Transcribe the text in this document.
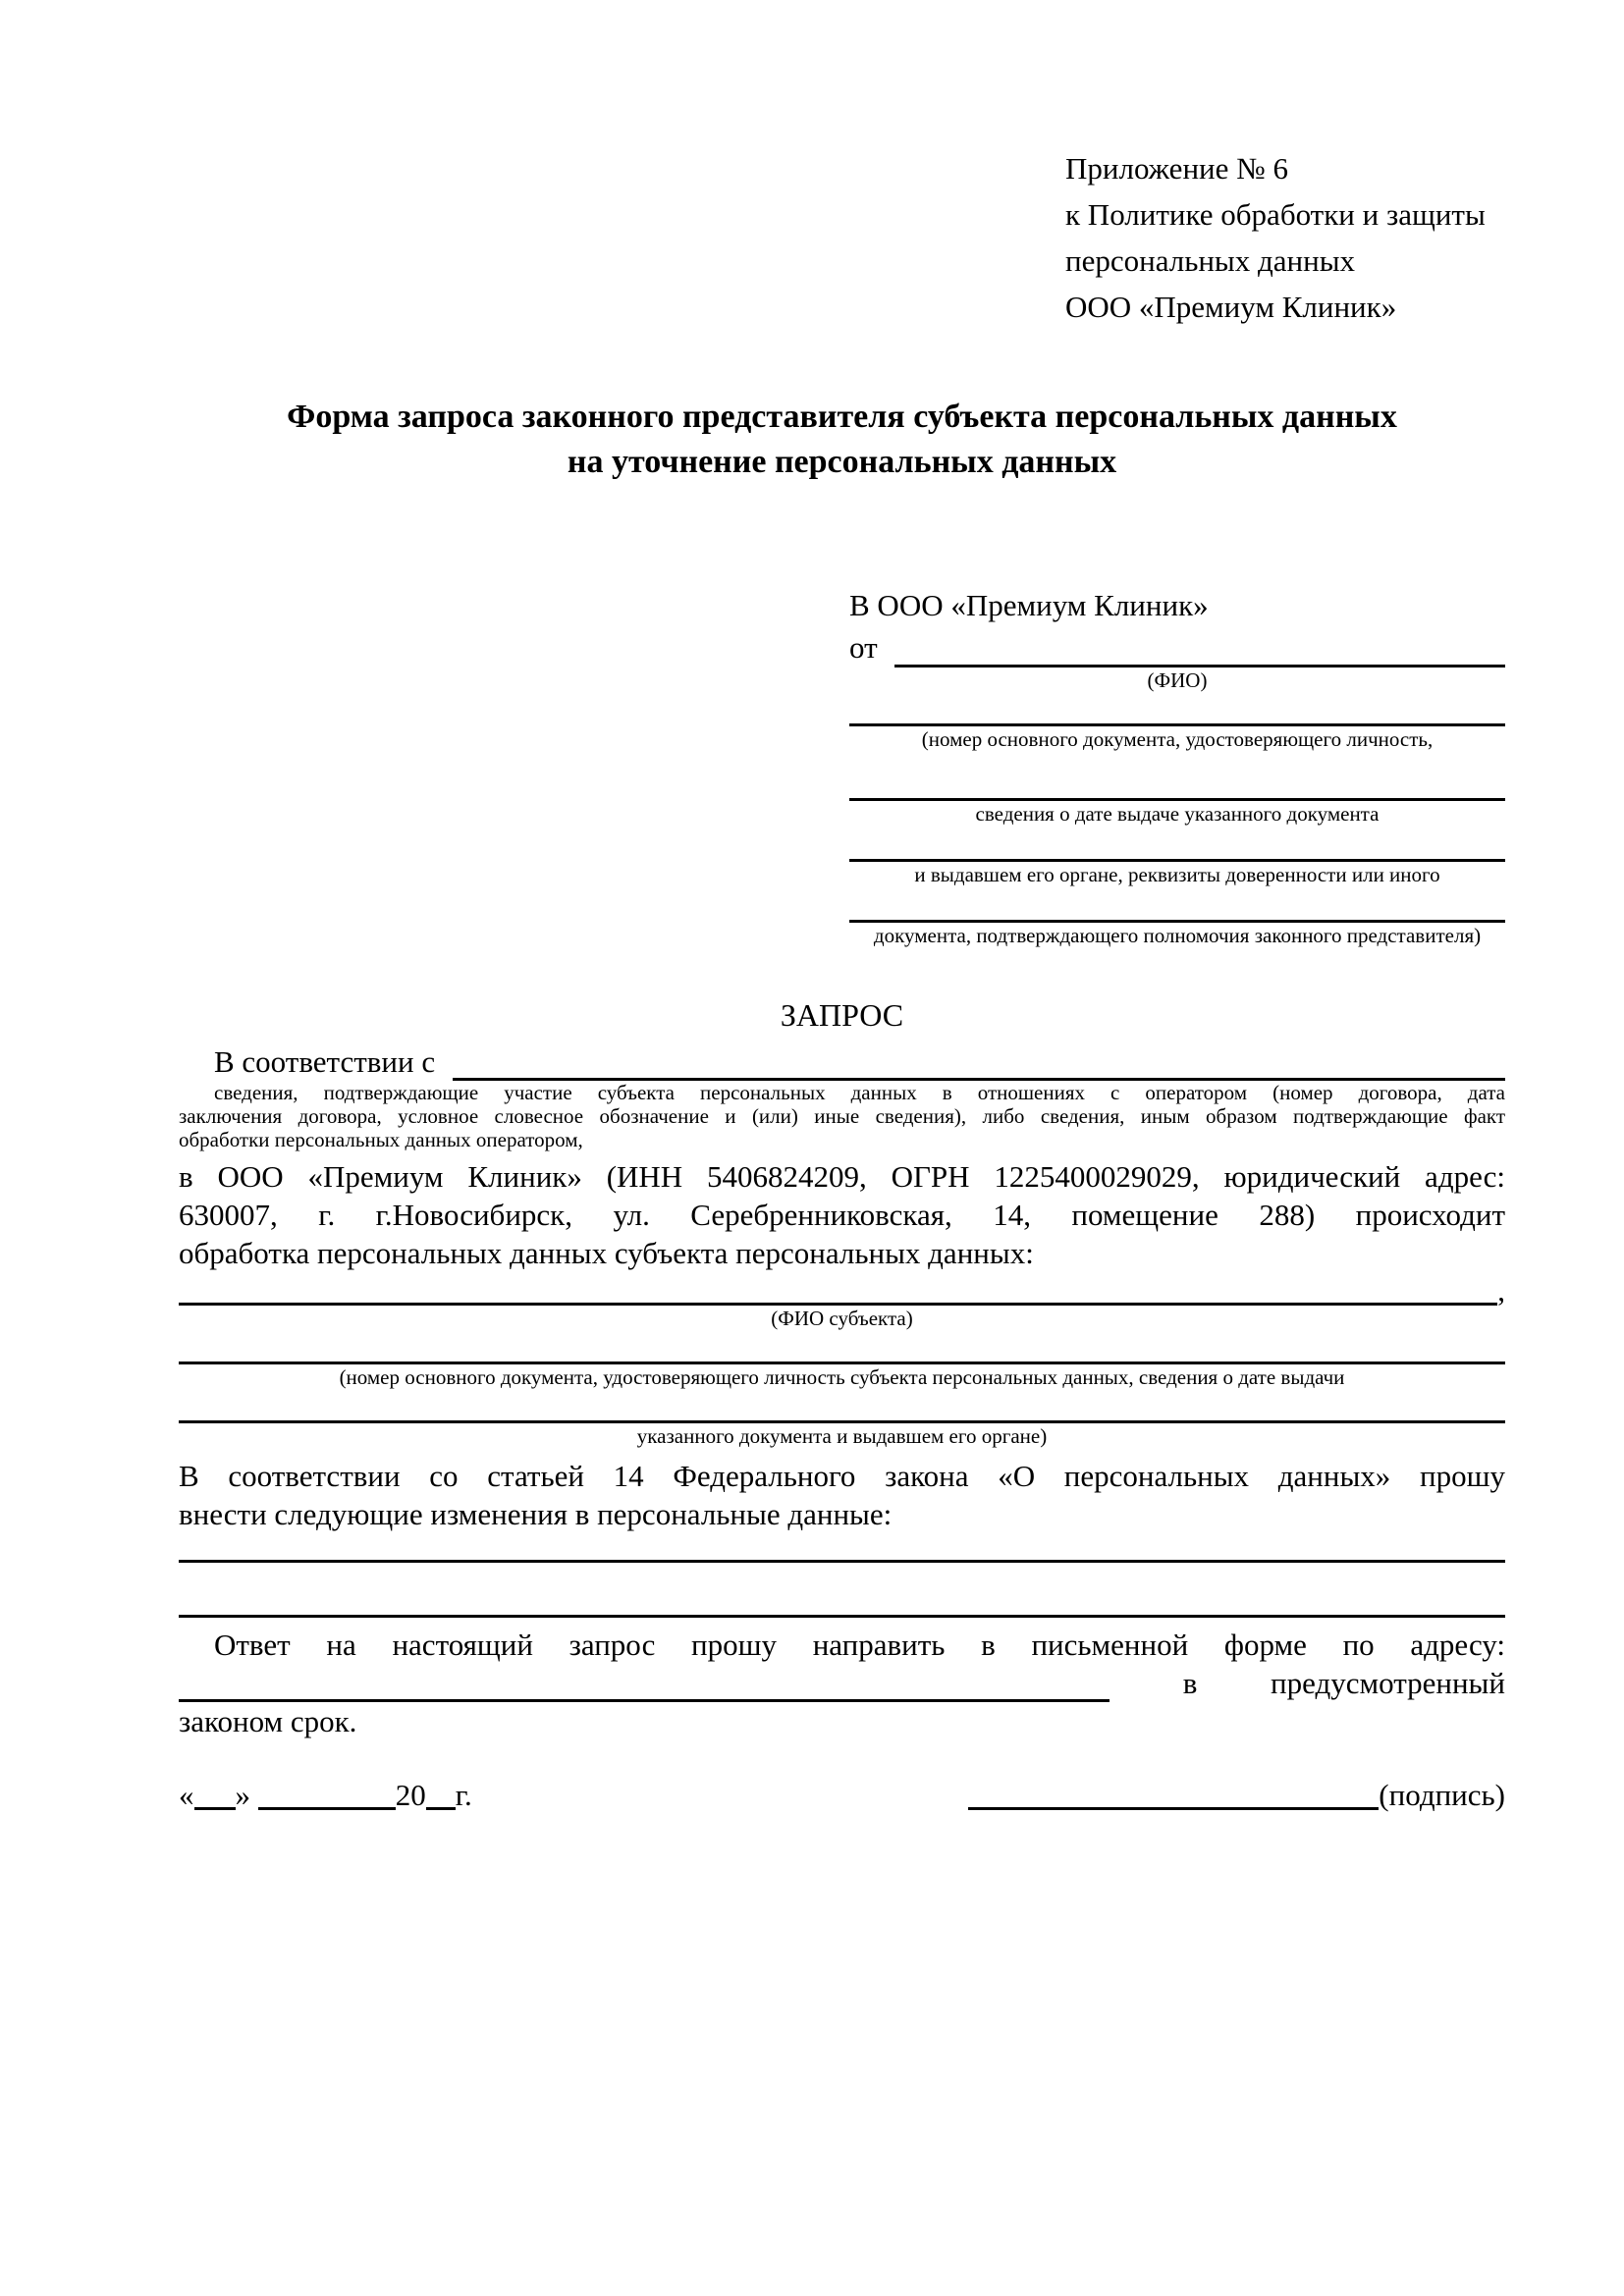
Приложение № 6
к Политике обработки и защиты
персональных данных
ООО «Премиум Клиник»
Форма запроса законного представителя субъекта персональных данных
на уточнение персональных данных
В ООО «Премиум Клиник»
от
(ФИО)
(номер основного документа, удостоверяющего личность,
сведения о дате выдаче указанного документа
и выдавшем его органе, реквизиты доверенности или иного
документа, подтверждающего полномочия законного представителя)
ЗАПРОС
В соответствии с
сведения, подтверждающие участие субъекта персональных данных в отношениях с оператором (номер договора, дата
заключения договора, условное словесное обозначение и (или) иные сведения), либо сведения, иным образом подтверждающие факт
обработки персональных данных оператором,
в ООО «Премиум Клиник» (ИНН 5406824209, ОГРН 1225400029029, юридический адрес:
630007, г. г.Новосибирск, ул. Серебренниковская, 14, помещение 288) происходит
обработка персональных данных субъекта персональных данных:
,
(ФИО субъекта)
(номер основного документа, удостоверяющего личность субъекта персональных данных, сведения о дате выдачи
указанного документа и выдавшем его органе)
В соответствии со статьей 14 Федерального закона «О персональных данных» прошу
внести следующие изменения в персональные данные:
Ответ на настоящий запрос прошу направить в письменной форме по адресу:
в предусмотренный
законом срок.
« »	20 г.	(подпись)
